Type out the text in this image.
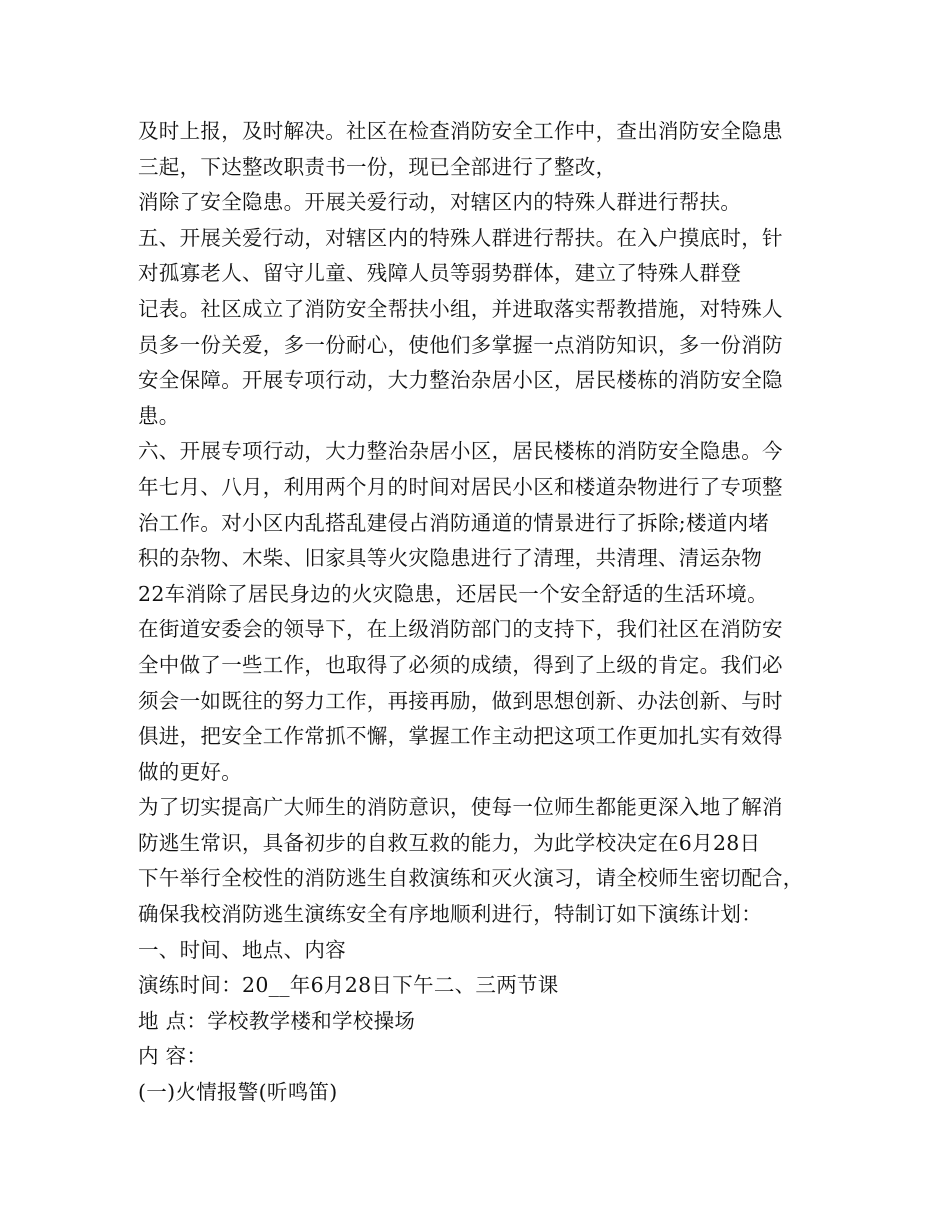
及时上报，及时解决。社区在检查消防安全工作中，查出消防安全隐患
三起，下达整改职责书一份，现已全部进行了整改，
消除了安全隐患。开展关爱行动，对辖区内的特殊人群进行帮扶。
五、开展关爱行动，对辖区内的特殊人群进行帮扶。在入户摸底时，针
对孤寡老人、留守儿童、残障人员等弱势群体，建立了特殊人群登
记表。社区成立了消防安全帮扶小组，并进取落实帮教措施，对特殊人
员多一份关爱，多一份耐心，使他们多掌握一点消防知识，多一份消防
安全保障。开展专项行动，大力整治杂居小区，居民楼栋的消防安全隐
患。
六、开展专项行动，大力整治杂居小区，居民楼栋的消防安全隐患。今
年七月、八月，利用两个月的时间对居民小区和楼道杂物进行了专项整
治工作。对小区内乱搭乱建侵占消防通道的情景进行了拆除;楼道内堵
积的杂物、木柴、旧家具等火灾隐患进行了清理，共清理、清运杂物
22车消除了居民身边的火灾隐患，还居民一个安全舒适的生活环境。
在街道安委会的领导下，在上级消防部门的支持下，我们社区在消防安
全中做了一些工作，也取得了必须的成绩，得到了上级的肯定。我们必
须会一如既往的努力工作，再接再励，做到思想创新、办法创新、与时
俱进，把安全工作常抓不懈，掌握工作主动把这项工作更加扎实有效得
做的更好。
为了切实提高广大师生的消防意识，使每一位师生都能更深入地了解消
防逃生常识，具备初步的自救互救的能力，为此学校决定在6月28日
下午举行全校性的消防逃生自救演练和灭火演习，请全校师生密切配合，
确保我校消防逃生演练安全有序地顺利进行，特制订如下演练计划：
一、时间、地点、内容
演练时间：20__年6月28日下午二、三两节课
地 点：学校教学楼和学校操场
内 容：
(一)火情报警(听鸣笛)
